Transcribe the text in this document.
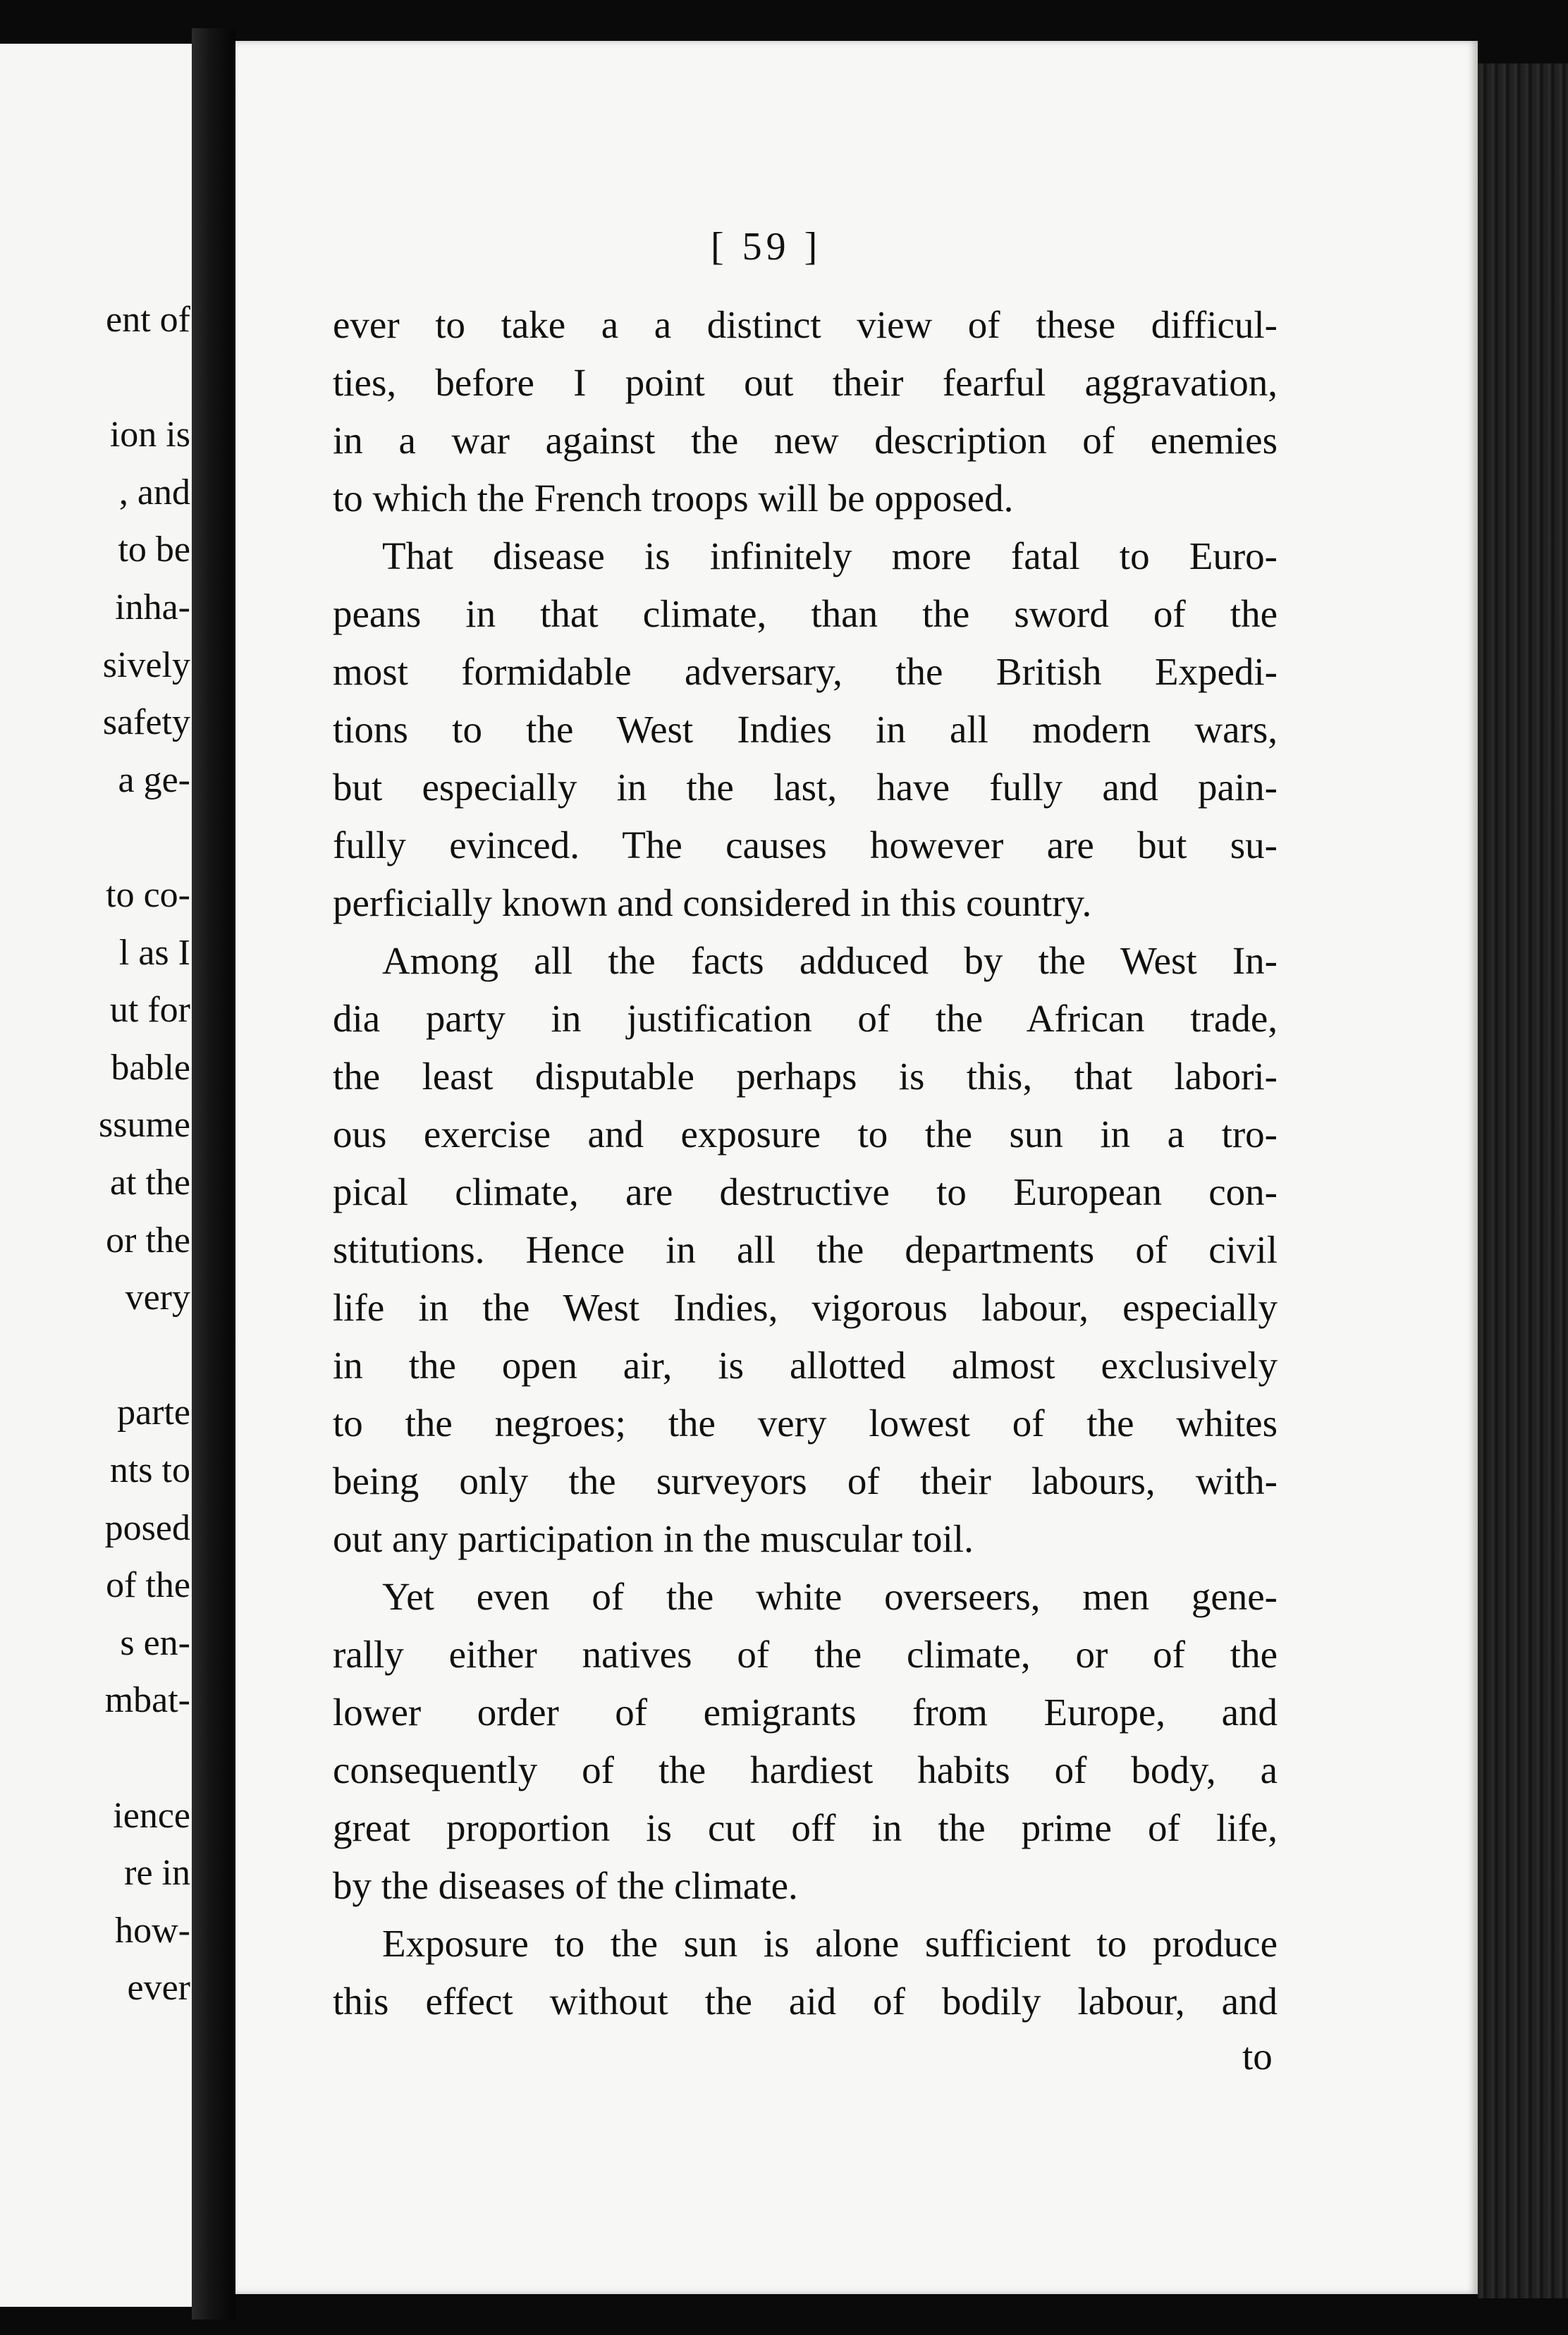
ent of
ion is
, and
to be
inha-
sively
safety
a ge-
to co-
l as I
ut for
bable
ssume
at the
or the
very
parte
nts to
posed
of the
s en-
mbat-
ience
re in
how-
ever
[ 59 ]
ever to take a a distinct view of these difficul-
ties, before I point out their fearful aggravation,
in a war against the new description of enemies
to which the French troops will be opposed.
That disease is infinitely more fatal to Euro-
peans in that climate, than the sword of the
most formidable adversary, the British Expedi-
tions to the West Indies in all modern wars,
but especially in the last, have fully and pain-
fully evinced. The causes however are but su-
perficially known and considered in this country.
Among all the facts adduced by the West In-
dia party in justification of the African trade,
the least disputable perhaps is this, that labori-
ous exercise and exposure to the sun in a tro-
pical climate, are destructive to European con-
stitutions. Hence in all the departments of civil
life in the West Indies, vigorous labour, especially
in the open air, is allotted almost exclusively
to the negroes; the very lowest of the whites
being only the surveyors of their labours, with-
out any participation in the muscular toil.
Yet even of the white overseers, men gene-
rally either natives of the climate, or of the
lower order of emigrants from Europe, and
consequently of the hardiest habits of body, a
great proportion is cut off in the prime of life,
by the diseases of the climate.
Exposure to the sun is alone sufficient to produce
this effect without the aid of bodily labour, and
to
